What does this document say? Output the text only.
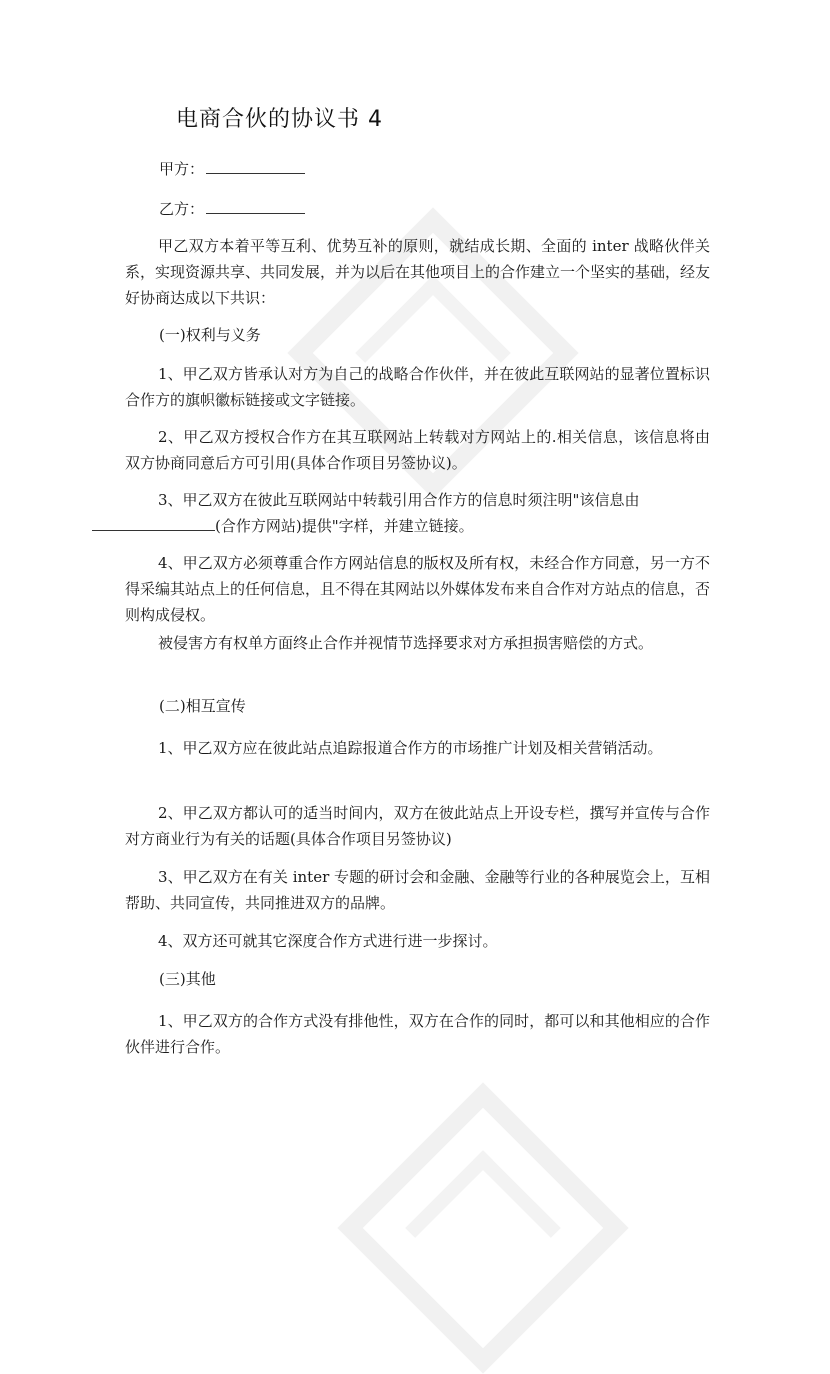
电商合伙的协议书 4
甲方：
乙方：

甲乙双方本着平等互利、优势互补的原则，就结成长期、全面的 inter 战略伙伴关系，实现资源共享、共同发展，并为以后在其他项目上的合作建立一个坚实的基础，经友好协商达成以下共识：

(一)权利与义务

1、甲乙双方皆承认对方为自己的战略合作伙伴，并在彼此互联网站的显著位置标识合作方的旗帜徽标链接或文字链接。

2、甲乙双方授权合作方在其互联网站上转载对方网站上的.相关信息，该信息将由双方协商同意后方可引用(具体合作项目另签协议)。

3、甲乙双方在彼此互联网站中转载引用合作方的信息时须注明"该信息由
(合作方网站)提供"字样，并建立链接。

4、甲乙双方必须尊重合作方网站信息的版权及所有权，未经合作方同意，另一方不得采编其站点上的任何信息，且不得在其网站以外媒体发布来自合作对方站点的信息，否则构成侵权。

被侵害方有权单方面终止合作并视情节选择要求对方承担损害赔偿的方式。

(二)相互宣传

1、甲乙双方应在彼此站点追踪报道合作方的市场推广计划及相关营销活动。

2、甲乙双方都认可的适当时间内，双方在彼此站点上开设专栏，撰写并宣传与合作对方商业行为有关的话题(具体合作项目另签协议)

3、甲乙双方在有关 inter 专题的研讨会和金融、金融等行业的各种展览会上，互相帮助、共同宣传，共同推进双方的品牌。

4、双方还可就其它深度合作方式进行进一步探讨。

(三)其他

1、甲乙双方的合作方式没有排他性，双方在合作的同时，都可以和其他相应的合作伙伴进行合作。
